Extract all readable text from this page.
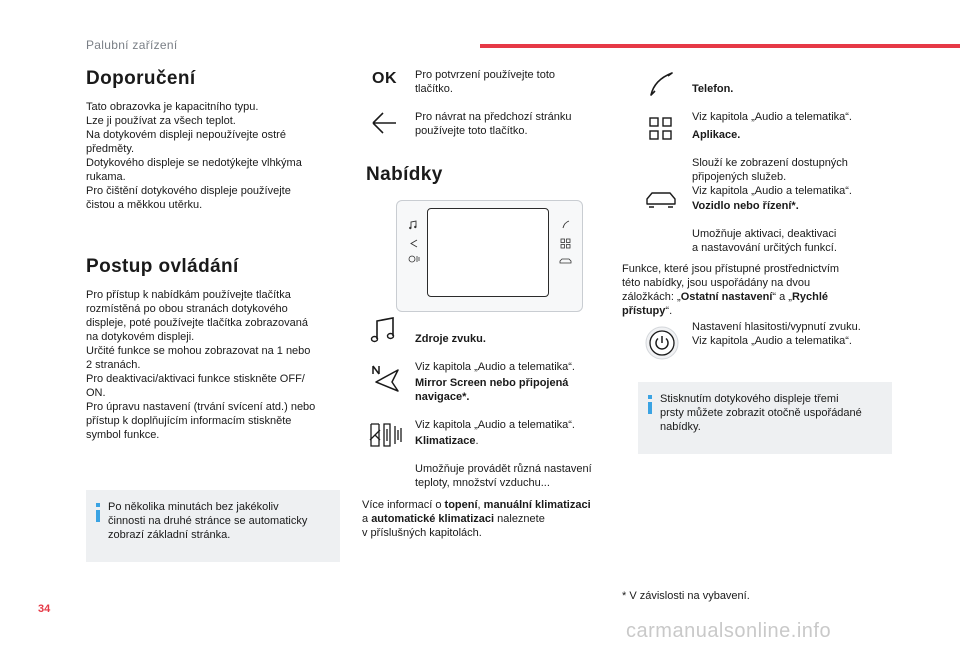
Palubní zařízení
Doporučení
Tato obrazovka je kapacitního typu.
Lze ji používat za všech teplot.
Na dotykovém displeji nepoužívejte ostré
předměty.
Dotykového displeje se nedotýkejte vlhkýma
rukama.
Pro čištění dotykového displeje používejte
čistou a měkkou utěrku.
Postup ovládání
Pro přístup k nabídkám používejte tlačítka
rozmístěná po obou stranách dotykového
displeje, poté používejte tlačítka zobrazovaná
na dotykovém displeji.
Určité funkce se mohou zobrazovat na 1 nebo
2 stranách.
Pro deaktivaci/aktivaci funkce stiskněte OFF/
ON.
Pro úpravu nastavení (trvání svícení atd.) nebo
přístup k doplňujícím informacím stiskněte
symbol funkce.
Po několika minutách bez jakékoliv
činnosti na druhé stránce se automaticky
zobrazí základní stránka.
OK Pro potvrzení používejte toto
tlačítko.
Pro návrat na předchozí stránku
používejte toto tlačítko.
Nabídky

Zdroje zvuku.

Viz kapitola „Audio a telematika“.

Mirror Screen nebo připojená
navigace*.

Viz kapitola „Audio a telematika“.

Klimatizace.

Umožňuje provádět různá nastavení
teploty, množství vzduchu...

Více informací o topení, manuální klimatizaci
a automatické klimatizaci naleznete
v příslušných kapitolách.

Telefon.

Viz kapitola „Audio a telematika“.

Aplikace.

Slouží ke zobrazení dostupných
připojených služeb.
Viz kapitola „Audio a telematika“.

Vozidlo nebo řízení*.

Umožňuje aktivaci, deaktivaci
a nastavování určitých funkcí.

Funkce, které jsou přístupné prostřednictvím
této nabídky, jsou uspořádány na dvou
záložkách: „Ostatní nastavení“ a „Rychlé
přístupy“.
Nastavení hlasitosti/vypnutí zvuku.
Viz kapitola „Audio a telematika“.
Stisknutím dotykového displeje třemi
prsty můžete zobrazit otočně uspořádané
nabídky.
* V závislosti na vybavení.
34
carmanualsonline.info
